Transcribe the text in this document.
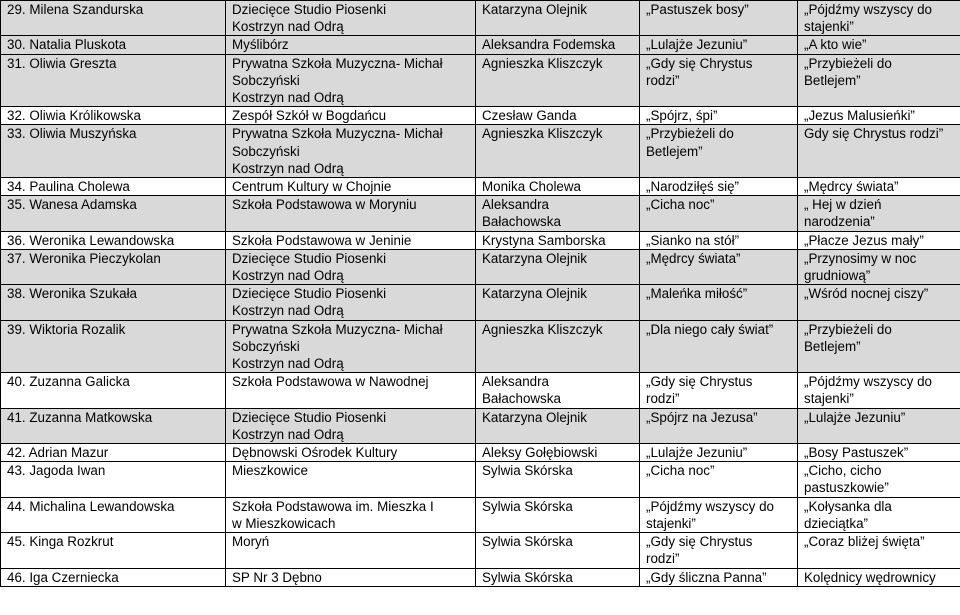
29. Milena Szandurska	Dziecięce Studio Piosenki
Kostrzyn nad Odrą	Katarzyna Olejnik	„Pastuszek bosy”	„Pójdźmy wszyscy do
stajenki”

30. Natalia Pluskota	Myślibórz	Aleksandra Fodemska	„Lulajże Jezuniu”	„A kto wie”

31. Oliwia Greszta	Prywatna Szkoła Muzyczna- Michał
Sobczyński
Kostrzyn nad Odrą	Agnieszka Kliszczyk	„Gdy się Chrystus
rodzi”	„Przybieżeli do
Betlejem”

32. Oliwia Królikowska	Zespół Szkół w Bogdańcu	Czesław Ganda	„Spójrz, śpi”	„Jezus Malusieńki”

33. Oliwia Muszyńska	Prywatna Szkoła Muzyczna- Michał
Sobczyński
Kostrzyn nad Odrą	Agnieszka Kliszczyk	„Przybieżeli do
Betlejem”	Gdy się Chrystus rodzi”

34. Paulina Cholewa	Centrum Kultury w Chojnie	Monika Cholewa	„Narodziłęś się”	„Mędrcy świata”

35. Wanesa Adamska	Szkoła Podstawowa w Moryniu	Aleksandra
Bałachowska	„Cicha noc”	„ Hej w dzień
narodzenia”

36. Weronika Lewandowska	Szkoła Podstawowa w Jeninie	Krystyna Samborska	„Sianko na stół”	„Płacze Jezus mały”

37. Weronika Pieczykolan	Dziecięce Studio Piosenki
Kostrzyn nad Odrą	Katarzyna Olejnik	„Mędrcy świata”	„Przynosimy w noc
grudniową”

38. Weronika Szukała	Dziecięce Studio Piosenki
Kostrzyn nad Odrą	Katarzyna Olejnik	„Maleńka miłość”	„Wśród nocnej ciszy”

39. Wiktoria Rozalik	Prywatna Szkoła Muzyczna- Michał
Sobczyński
Kostrzyn nad Odrą	Agnieszka Kliszczyk	„Dla niego cały świat”	„Przybieżeli do
Betlejem”

40. Zuzanna Galicka	Szkoła Podstawowa w Nawodnej	Aleksandra
Bałachowska	„Gdy się Chrystus
rodzi”	„Pójdźmy wszyscy do
stajenki”

41. Zuzanna Matkowska	Dziecięce Studio Piosenki
Kostrzyn nad Odrą	Katarzyna Olejnik	„Spójrz na Jezusa”	„Lulajże Jezuniu”

42. Adrian Mazur	Dębnowski Ośrodek Kultury	Aleksy Gołębiowski	„Lulajże Jezuniu”	„Bosy Pastuszek”

43. Jagoda Iwan	Mieszkowice	Sylwia Skórska	„Cicha noc”	„Cicho, cicho
pastuszkowie”

44. Michalina Lewandowska	Szkoła Podstawowa im. Mieszka I
w Mieszkowicach	Sylwia Skórska	„Pójdźmy wszyscy do
stajenki”	„Kołysanka dla
dzieciątka”

45. Kinga Rozkrut	Moryń	Sylwia Skórska	„Gdy się Chrystus
rodzi”	„Coraz bliżej święta”

46. Iga Czerniecka	SP Nr 3 Dębno	Sylwia Skórska	„Gdy śliczna Panna”	Kolędnicy wędrownicy
